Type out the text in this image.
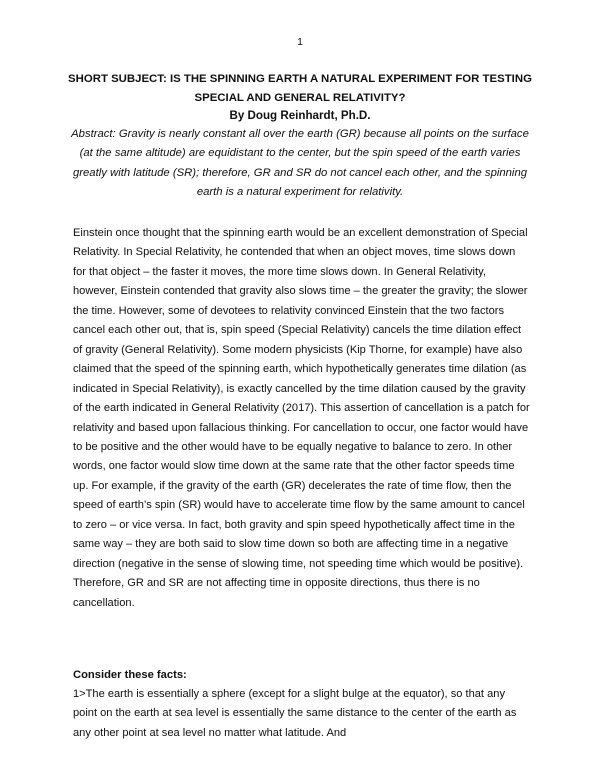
1
SHORT SUBJECT: IS THE SPINNING EARTH A NATURAL EXPERIMENT FOR TESTING SPECIAL AND GENERAL RELATIVITY?
By Doug Reinhardt, Ph.D.
Abstract: Gravity is nearly constant all over the earth (GR) because all points on the surface (at the same altitude) are equidistant to the center, but the spin speed of the earth varies greatly with latitude (SR); therefore, GR and SR do not cancel each other, and the spinning earth is a natural experiment for relativity.

Einstein once thought that the spinning earth would be an excellent demonstration of Special Relativity. In Special Relativity, he contended that when an object moves, time slows down for that object – the faster it moves, the more time slows down. In General Relativity, however, Einstein contended that gravity also slows time – the greater the gravity; the slower the time. However, some of devotees to relativity convinced Einstein that the two factors cancel each other out, that is, spin speed (Special Relativity) cancels the time dilation effect of gravity (General Relativity). Some modern physicists (Kip Thorne, for example) have also claimed that the speed of the spinning earth, which hypothetically generates time dilation (as indicated in Special Relativity), is exactly cancelled by the time dilation caused by the gravity of the earth indicated in General Relativity (2017). This assertion of cancellation is a patch for relativity and based upon fallacious thinking. For cancellation to occur, one factor would have to be positive and the other would have to be equally negative to balance to zero. In other words, one factor would slow time down at the same rate that the other factor speeds time up. For example, if the gravity of the earth (GR) decelerates the rate of time flow, then the speed of earth’s spin (SR) would have to accelerate time flow by the same amount to cancel to zero – or vice versa. In fact, both gravity and spin speed hypothetically affect time in the same way – they are both said to slow time down so both are affecting time in a negative direction (negative in the sense of slowing time, not speeding time which would be positive). Therefore, GR and SR are not affecting time in opposite directions, thus there is no cancellation.

Consider these facts:

1>The earth is essentially a sphere (except for a slight bulge at the equator), so that any point on the earth at sea level is essentially the same distance to the center of the earth as any other point at sea level no matter what latitude. And
